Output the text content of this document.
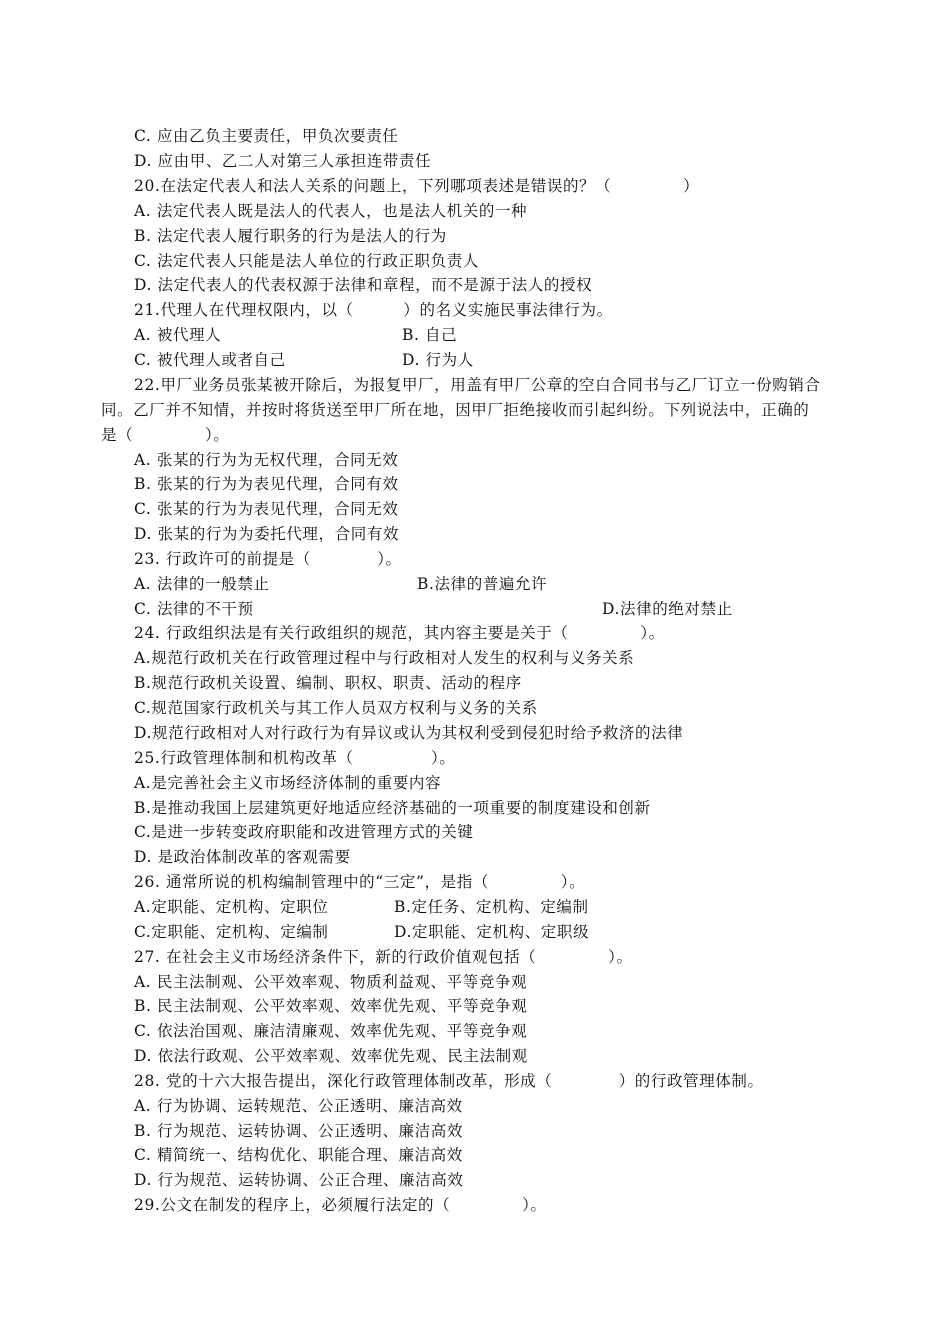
C. 应由乙负主要责任，甲负次要责任
D. 应由甲、乙二人对第三人承担连带责任
20.在法定代表人和法人关系的问题上，下列哪项表述是错误的？（             ）
A. 法定代表人既是法人的代表人，也是法人机关的一种
B. 法定代表人履行职务的行为是法人的行为
C. 法定代表人只能是法人单位的行政正职负责人
D. 法定代表人的代表权源于法律和章程，而不是源于法人的授权
21.代理人在代理权限内，以（         ）的名义实施民事法律行为。
A. 被代理人	B. 自己
C. 被代理人或者自己	D. 行为人
22.甲厂业务员张某被开除后，为报复甲厂，用盖有甲厂公章的空白合同书与乙厂订立一份购销合
同。乙厂并不知情，并按时将货送至甲厂所在地，因甲厂拒绝接收而引起纠纷。下列说法中，正确的
是（             ）。
A. 张某的行为为无权代理，合同无效
B. 张某的行为为表见代理，合同有效
C. 张某的行为为表见代理，合同无效
D. 张某的行为为委托代理，合同有效
23. 行政许可的前提是（            ）。
A. 法律的一般禁止	B.法律的普遍允许
C. 法律的不干预	D.法律的绝对禁止
24. 行政组织法是有关行政组织的规范，其内容主要是关于（             ）。
A.规范行政机关在行政管理过程中与行政相对人发生的权利与义务关系
B.规范行政机关设置、编制、职权、职责、活动的程序
C.规范国家行政机关与其工作人员双方权利与义务的关系
D.规范行政相对人对行政行为有异议或认为其权利受到侵犯时给予救济的法律
25.行政管理体制和机构改革（              ）。
A.是完善社会主义市场经济体制的重要内容
B.是推动我国上层建筑更好地适应经济基础的一项重要的制度建设和创新
C.是进一步转变政府职能和改进管理方式的关键
D. 是政治体制改革的客观需要
26. 通常所说的机构编制管理中的“三定”，是指（             ）。
A.定职能、定机构、定职位	B.定任务、定机构、定编制
C.定职能、定机构、定编制	D.定职能、定机构、定职级
27. 在社会主义市场经济条件下，新的行政价值观包括（             ）。
A. 民主法制观、公平效率观、物质利益观、平等竞争观
B. 民主法制观、公平效率观、效率优先观、平等竞争观
C. 依法治国观、廉洁清廉观、效率优先观、平等竞争观
D. 依法行政观、公平效率观、效率优先观、民主法制观
28. 党的十六大报告提出，深化行政管理体制改革，形成（            ）的行政管理体制。
A. 行为协调、运转规范、公正透明、廉洁高效
B. 行为规范、运转协调、公正透明、廉洁高效
C. 精简统一、结构优化、职能合理、廉洁高效
D. 行为规范、运转协调、公正合理、廉洁高效
29.公文在制发的程序上，必须履行法定的（             ）。
